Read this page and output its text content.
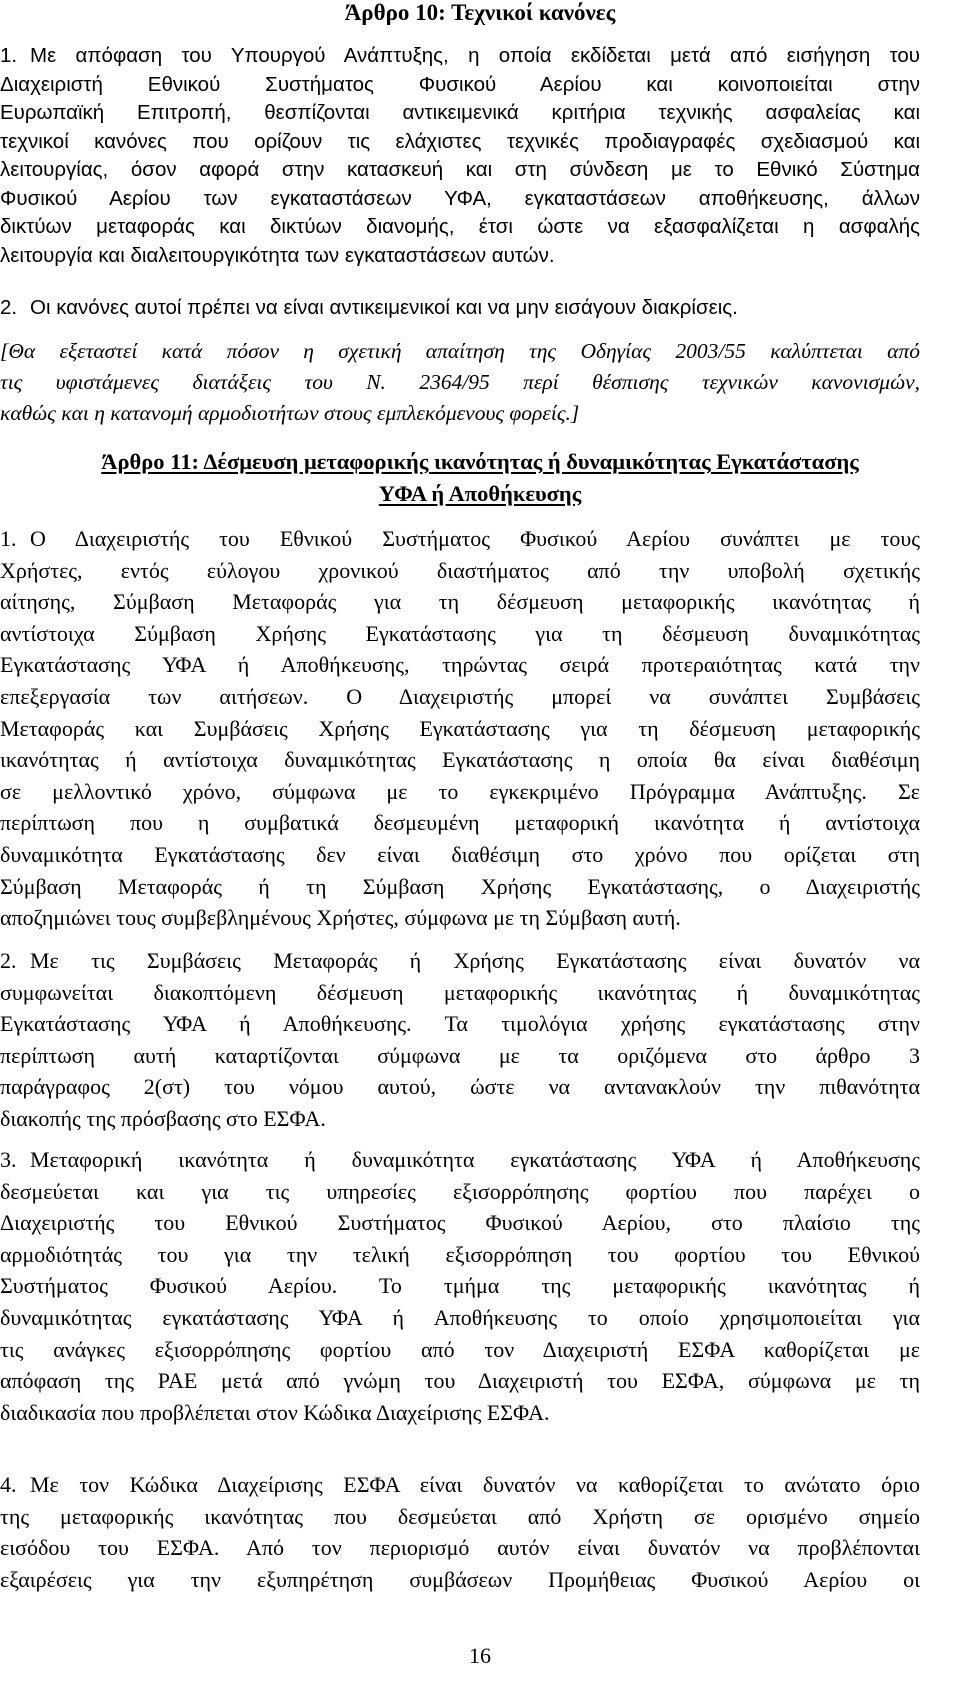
Άρθρο 10: Τεχνικοί κανόνες
1. Με απόφαση του Υπουργού Ανάπτυξης, η οποία εκδίδεται μετά από εισήγηση του
Διαχειριστή Εθνικού Συστήματος Φυσικού Αερίου και κοινοποιείται στην
Ευρωπαϊκή Επιτροπή, θεσπίζονται αντικειμενικά κριτήρια τεχνικής ασφαλείας και
τεχνικοί κανόνες που ορίζουν τις ελάχιστες τεχνικές προδιαγραφές σχεδιασμού και
λειτουργίας, όσον αφορά στην κατασκευή και στη σύνδεση με το Εθνικό Σύστημα
Φυσικού Αερίου των εγκαταστάσεων ΥΦΑ, εγκαταστάσεων αποθήκευσης, άλλων
δικτύων μεταφοράς και δικτύων διανομής, έτσι ώστε να εξασφαλίζεται η ασφαλής
λειτουργία και διαλειτουργικότητα των εγκαταστάσεων αυτών.
2. Οι κανόνες αυτοί πρέπει να είναι αντικειμενικοί και να μην εισάγουν διακρίσεις.
[Θα εξεταστεί κατά πόσον η σχετική απαίτηση της Οδηγίας 2003/55 καλύπτεται από
τις υφιστάμενες διατάξεις του Ν. 2364/95 περί θέσπισης τεχνικών κανονισμών,
καθώς και η κατανομή αρμοδιοτήτων στους εμπλεκόμενους φορείς.]
Άρθρο 11: Δέσμευση μεταφορικής ικανότητας ή δυναμικότητας Εγκατάστασης
ΥΦΑ ή Αποθήκευσης
1. Ο Διαχειριστής του Εθνικού Συστήματος Φυσικού Αερίου συνάπτει με τους
Χρήστες, εντός εύλογου χρονικού διαστήματος από την υποβολή σχετικής
αίτησης, Σύμβαση Μεταφοράς για τη δέσμευση μεταφορικής ικανότητας ή
αντίστοιχα Σύμβαση Χρήσης Εγκατάστασης για τη δέσμευση δυναμικότητας
Εγκατάστασης ΥΦΑ ή Αποθήκευσης, τηρώντας σειρά προτεραιότητας κατά την
επεξεργασία των αιτήσεων. Ο Διαχειριστής μπορεί να συνάπτει Συμβάσεις
Μεταφοράς και Συμβάσεις Χρήσης Εγκατάστασης για τη δέσμευση μεταφορικής
ικανότητας ή αντίστοιχα δυναμικότητας Εγκατάστασης η οποία θα είναι διαθέσιμη
σε μελλοντικό χρόνο, σύμφωνα με το εγκεκριμένο Πρόγραμμα Ανάπτυξης. Σε
περίπτωση που η συμβατικά δεσμευμένη μεταφορική ικανότητα ή αντίστοιχα
δυναμικότητα Εγκατάστασης δεν είναι διαθέσιμη στο χρόνο που ορίζεται στη
Σύμβαση Μεταφοράς ή τη Σύμβαση Χρήσης Εγκατάστασης, ο Διαχειριστής
αποζημιώνει τους συμβεβλημένους Χρήστες, σύμφωνα με τη Σύμβαση αυτή.
2. Με τις Συμβάσεις Μεταφοράς ή Χρήσης Εγκατάστασης είναι δυνατόν να
συμφωνείται διακοπτόμενη δέσμευση μεταφορικής ικανότητας ή δυναμικότητας
Εγκατάστασης ΥΦΑ ή Αποθήκευσης. Τα τιμολόγια χρήσης εγκατάστασης στην
περίπτωση αυτή καταρτίζονται σύμφωνα με τα οριζόμενα στο άρθρο 3
παράγραφος 2(στ) του νόμου αυτού, ώστε να αντανακλούν την πιθανότητα
διακοπής της πρόσβασης στο ΕΣΦΑ.
3. Μεταφορική ικανότητα ή δυναμικότητα εγκατάστασης ΥΦΑ ή Αποθήκευσης
δεσμεύεται και για τις υπηρεσίες εξισορρόπησης φορτίου που παρέχει ο
Διαχειριστής του Εθνικού Συστήματος Φυσικού Αερίου, στο πλαίσιο της
αρμοδιότητάς του για την τελική εξισορρόπηση του φορτίου του Εθνικού
Συστήματος Φυσικού Αερίου. Το τμήμα της μεταφορικής ικανότητας ή
δυναμικότητας εγκατάστασης ΥΦΑ ή Αποθήκευσης το οποίο χρησιμοποιείται για
τις ανάγκες εξισορρόπησης φορτίου από τον Διαχειριστή ΕΣΦΑ καθορίζεται με
απόφαση της ΡΑΕ μετά από γνώμη του Διαχειριστή του ΕΣΦΑ, σύμφωνα με τη
διαδικασία που προβλέπεται στον Κώδικα Διαχείρισης ΕΣΦΑ.
4. Με τον Κώδικα Διαχείρισης ΕΣΦΑ είναι δυνατόν να καθορίζεται το ανώτατο όριο
της μεταφορικής ικανότητας που δεσμεύεται από Χρήστη σε ορισμένο σημείο
εισόδου του ΕΣΦΑ. Από τον περιορισμό αυτόν είναι δυνατόν να προβλέπονται
εξαιρέσεις για την εξυπηρέτηση συμβάσεων Προμήθειας Φυσικού Αερίου οι
16
